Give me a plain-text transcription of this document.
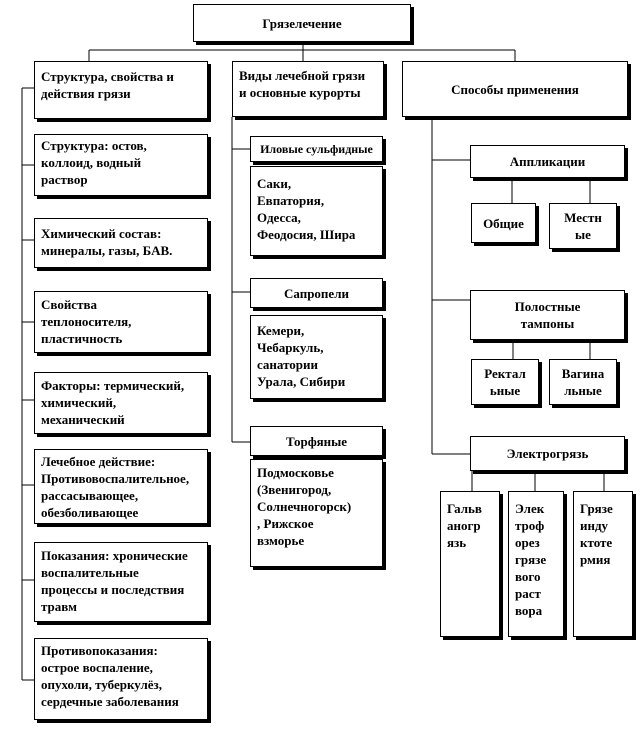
Грязелечение
Структура, свойства и
действия грязи
Структура: остов,
коллоид, водный
раствор
Химический состав:
минералы, газы, БАВ.
Свойства
теплоносителя,
пластичность
Факторы: термический,
химический,
механический
Лечебное действие:
Противовоспалительное,
рассасывающее,
обезболивающее
Показания: хронические
воспалительные
процессы и последствия
травм
Противопоказания:
острое воспаление,
опухоли, туберкулёз,
сердечные заболевания
Виды лечебной грязи
и основные курорты
Иловые сульфидные
Саки,
Евпатория,
Одесса,
Феодосия, Шира
Сапропели
Кемери,
Чебаркуль,
санатории
Урала, Сибири
Торфяные
Подмосковье
(Звенигород,
Солнечногорск)
, Рижское
взморье
Способы применения
Аппликации
Общие	Местн
ые
Полостные
тампоны
Ректал
ьные
Вагина
льные
Электрогрязь
Гальв
аногр
язь
Элек
троф
орез
грязе
вого
раст
вора
Грязе
инду
ктоте
рмия
